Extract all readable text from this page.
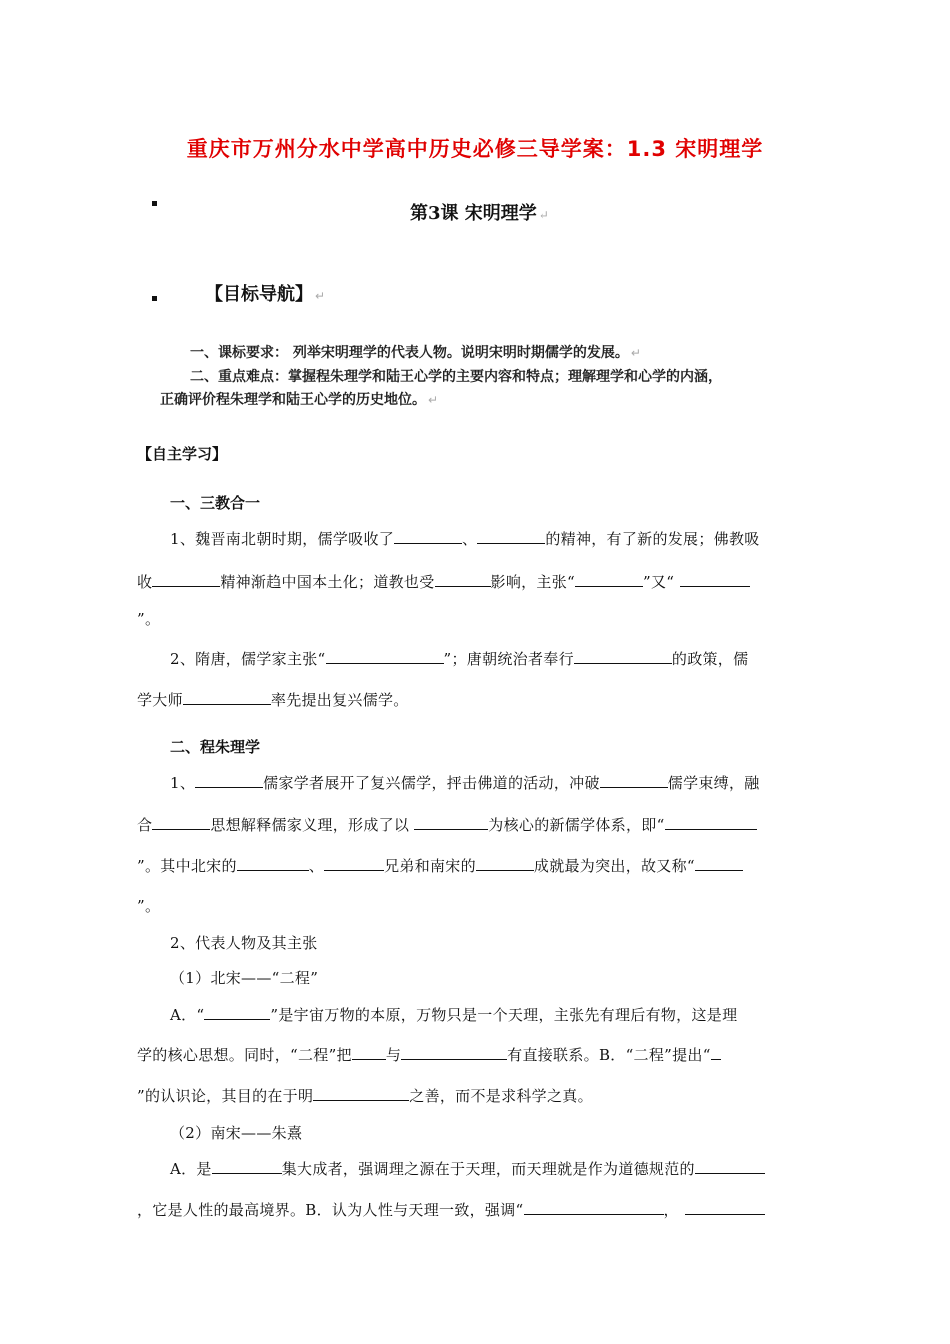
重庆市万州分水中学高中历史必修三导学案：1.3 宋明理学
第3课 宋明理学 ↵
【目标导航】 ↵
一、课标要求： 列举宋明理学的代表人物。说明宋明时期儒学的发展。 ↵
二、重点难点：掌握程朱理学和陆王心学的主要内容和特点；理解理学和心学的内涵，
正确评价程朱理学和陆王心学的历史地位。 ↵
【自主学习】
一、三教合一
1、魏晋南北朝时期，儒学吸收了	、	的精神，有了新的发展；佛教吸
收	精神渐趋中国本土化；道教也受	影响，主张“	”又“
”。
2、隋唐，儒学家主张“	”；唐朝统治者奉行	的政策，儒
学大师	率先提出复兴儒学。
二、程朱理学
1、	儒家学者展开了复兴儒学，抨击佛道的活动，冲破	儒学束缚，融
合	思想解释儒家义理，形成了以	为核心的新儒学体系，即“
”。其中北宋的	、	兄弟和南宋的	成就最为突出，故又称“
”。
2、代表人物及其主张
（1）北宋——“二程”
A．“	”是宇宙万物的本原，万物只是一个天理，主张先有理后有物，这是理
学的核心思想。同时，“二程”把 与	有直接联系。B．“二程”提出“
”的认识论，其目的在于明	之善，而不是求科学之真。
（2）南宋——朱熹
A．是	集大成者，强调理之源在于天理，而天理就是作为道德规范的
，它是人性的最高境界。B．认为人性与天理一致，强调“	，
